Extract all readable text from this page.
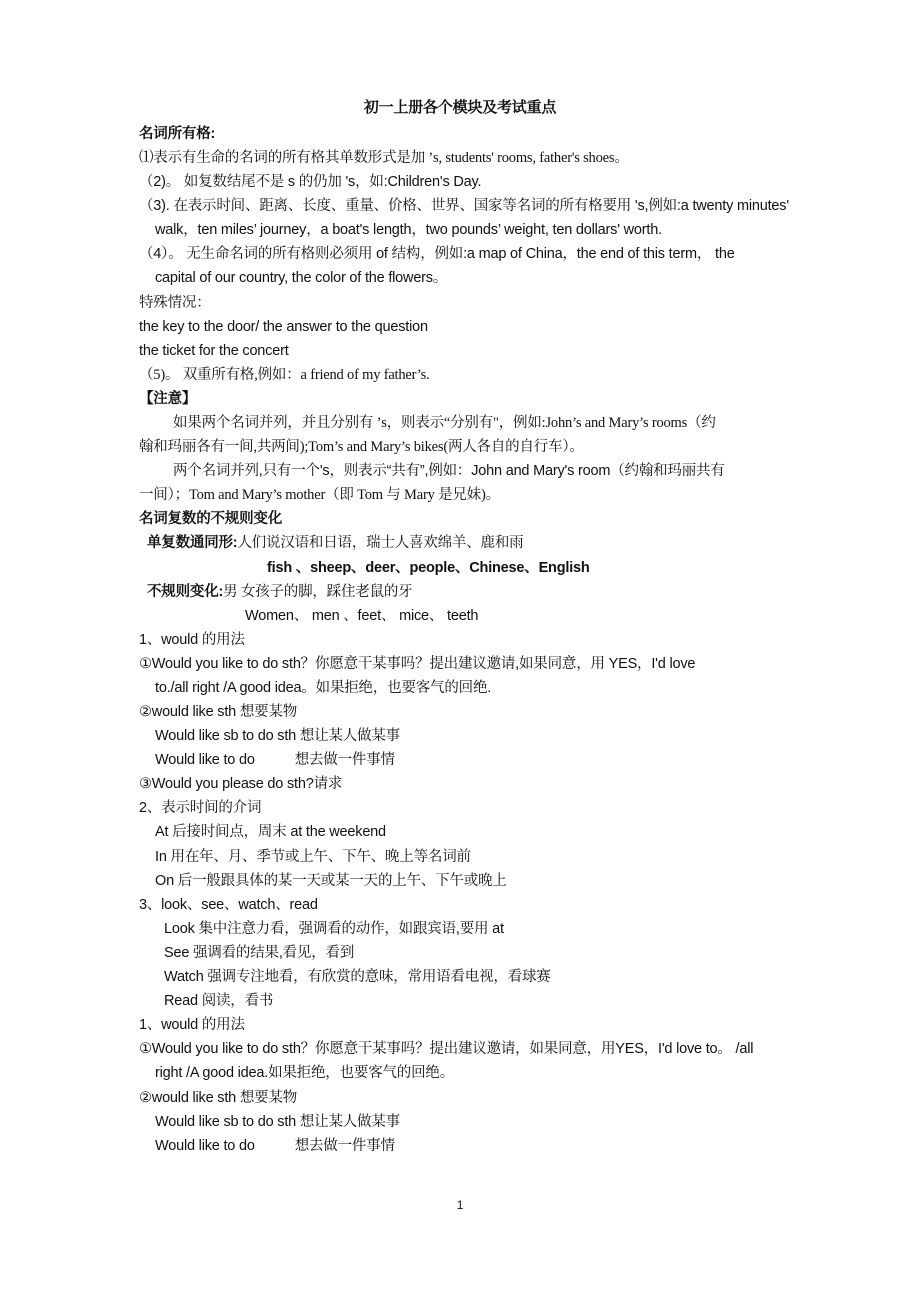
初一上册各个模块及考试重点
名词所有格:
⑴表示有生命的名词的所有格其单数形式是加 ’s, students' rooms, father's shoes。
（2)。 如复数结尾不是 s 的仍加 's，如:Children's Day.
（3). 在表示时间、距离、长度、重量、价格、世界、国家等名词的所有格要用 's,例如:a twenty minutes'
walk，ten miles’ journey，a boat's length，two pounds’ weight, ten dollars' worth.
（4）。 无生命名词的所有格则必须用 of 结构，例如:a map of China，the end of this term， the
capital of our country, the color of the flowers。
特殊情况：
the key to the door/ the answer to the question
the ticket for the concert
（5)。 双重所有格,例如：a friend of my father’s.
【注意】
如果两个名词并列，并且分别有 ’s，则表示“分别有"，例如:John’s and Mary’s rooms（约
翰和玛丽各有一间,共两间);Tom’s and Mary’s bikes(两人各自的自行车）。
两个名词并列,只有一个's，则表示“共有”,例如：John and Mary's room（约翰和玛丽共有
一间）；Tom and Mary’s mother（即 Tom 与 Mary 是兄妹)。
名词复数的不规则变化
单复数通同形:人们说汉语和日语，瑞士人喜欢绵羊、鹿和雨
fish 、sheep、deer、people、Chinese、English
不规则变化:男 女孩子的脚，踩住老鼠的牙
Women、 men 、feet、 mice、 teeth
1、would 的用法
①Would you like to do sth？你愿意干某事吗？提出建议邀请,如果同意，用 YES，I'd love
to./all right /A good idea。如果拒绝，也要客气的回绝.
②would like sth 想要某物
Would like sb to do sth 想让某人做某事
Would like to do	想去做一件事情
③Would you please do sth?请求
2、表示时间的介词
At 后接时间点，周末 at the weekend
In 用在年、月、季节或上午、下午、晚上等名词前
On 后一般跟具体的某一天或某一天的上午、下午或晚上
3、look、see、watch、read
Look 集中注意力看，强调看的动作，如跟宾语,要用 at
See 强调看的结果,看见，看到
Watch 强调专注地看，有欣赏的意味，常用语看电视，看球赛
Read 阅读，看书
1、would 的用法
①Would you like to do sth？你愿意干某事吗？提出建议邀请，如果同意，用YES，I'd love to。 /all
right /A good idea.如果拒绝，也要客气的回绝。
②would like sth 想要某物
Would like sb to do sth 想让某人做某事
Would like to do	想去做一件事情
1
